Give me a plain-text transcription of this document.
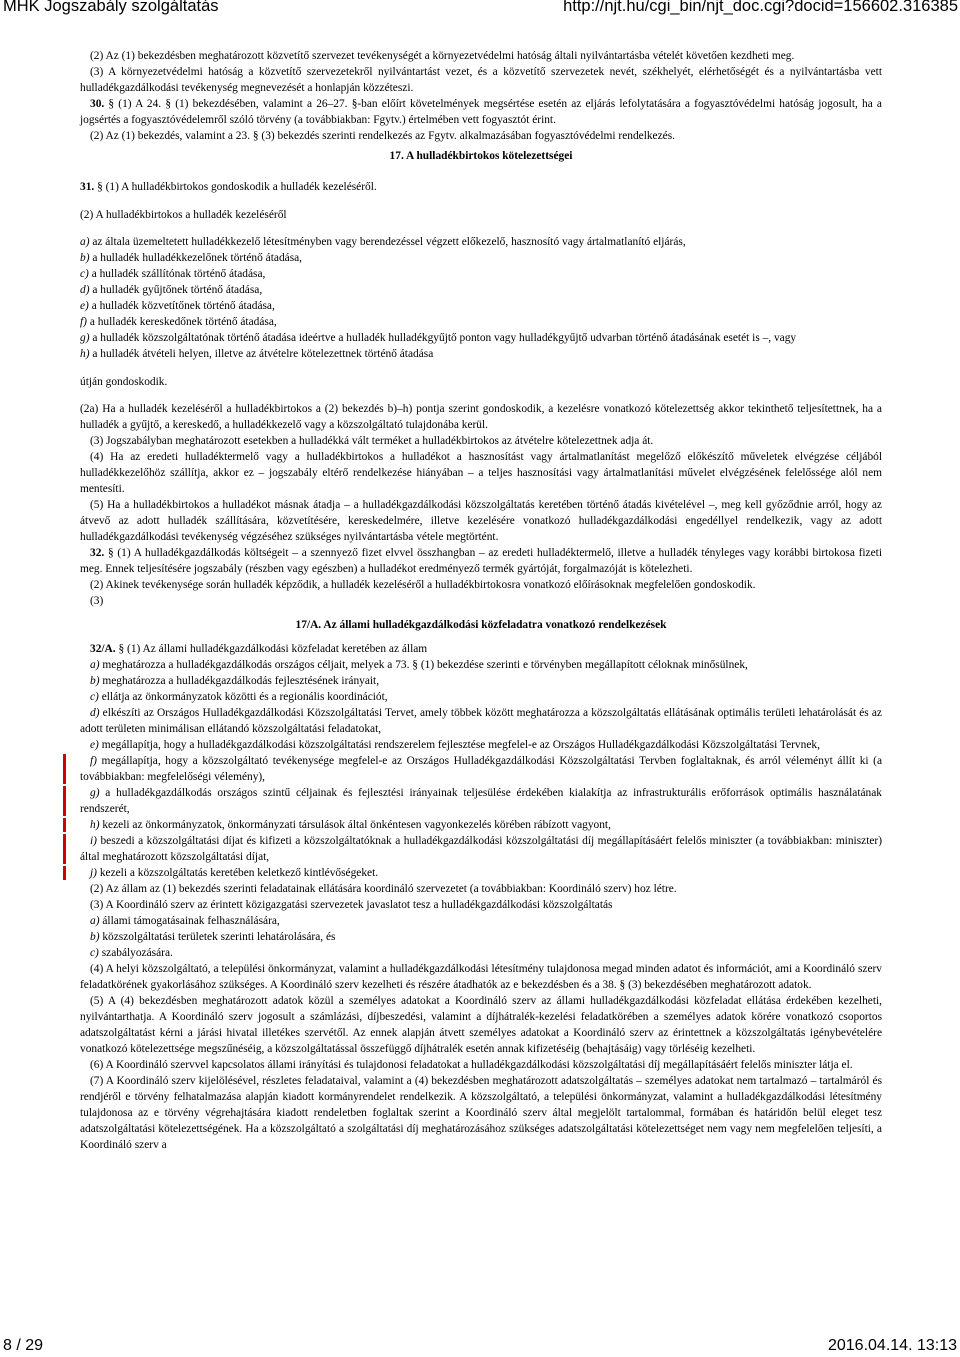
MHK Jogszabály szolgáltatás	http://njt.hu/cgi_bin/njt_doc.cgi?docid=156602.316385

(2) Az (1) bekezdésben meghatározott közvetítő szervezet tevékenységét a környezetvédelmi hatóság általi nyilvántartásba vételét követően kezdheti meg.

(3) A környezetvédelmi hatóság a közvetítő szervezetekről nyilvántartást vezet, és a közvetítő szervezetek nevét, székhelyét, elérhetőségét és a nyilvántartásba vett hulladékgazdálkodási tevékenység megnevezését a honlapján közzéteszi.

30. § (1) A 24. § (1) bekezdésében, valamint a 26–27. §-ban előírt követelmények megsértése esetén az eljárás lefolytatására a fogyasztóvédelmi hatóság jogosult, ha a jogsértés a fogyasztóvédelemről szóló törvény (a továbbiakban: Fgytv.) értelmében vett fogyasztót érint.

(2) Az (1) bekezdés, valamint a 23. § (3) bekezdés szerinti rendelkezés az Fgytv. alkalmazásában fogyasztóvédelmi rendelkezés.

17. A hulladékbirtokos kötelezettségei

31. § (1) A hulladékbirtokos gondoskodik a hulladék kezeléséről.

(2) A hulladékbirtokos a hulladék kezeléséről

a) az általa üzemeltetett hulladékkezelő létesítményben vagy berendezéssel végzett előkezelő, hasznosító vagy ártalmatlanító eljárás,

b) a hulladék hulladékkezelőnek történő átadása,

c) a hulladék szállítónak történő átadása,

d) a hulladék gyűjtőnek történő átadása,

e) a hulladék közvetítőnek történő átadása,

f) a hulladék kereskedőnek történő átadása,

g) a hulladék közszolgáltatónak történő átadása ideértve a hulladék hulladékgyűjtő ponton vagy hulladékgyűjtő udvarban történő átadásának esetét is –, vagy

h) a hulladék átvételi helyen, illetve az átvételre kötelezettnek történő átadása

útján gondoskodik.

(2a) Ha a hulladék kezeléséről a hulladékbirtokos a (2) bekezdés b)–h) pontja szerint gondoskodik, a kezelésre vonatkozó kötelezettség akkor tekinthető teljesítettnek, ha a hulladék a gyűjtő, a kereskedő, a hulladékkezelő vagy a közszolgáltató tulajdonába kerül.

(3) Jogszabályban meghatározott esetekben a hulladékká vált terméket a hulladékbirtokos az átvételre kötelezettnek adja át.

(4) Ha az eredeti hulladéktermelő vagy a hulladékbirtokos a hulladékot a hasznosítást vagy ártalmatlanítást megelőző előkészítő műveletek elvégzése céljából hulladékkezelőhöz szállítja, akkor ez – jogszabály eltérő rendelkezése hiányában – a teljes hasznosítási vagy ártalmatlanítási művelet elvégzésének felelőssége alól nem mentesíti.

(5) Ha a hulladékbirtokos a hulladékot másnak átadja – a hulladékgazdálkodási közszolgáltatás keretében történő átadás kivételével –, meg kell győződnie arról, hogy az átvevő az adott hulladék szállítására, közvetítésére, kereskedelmére, illetve kezelésére vonatkozó hulladékgazdálkodási engedéllyel rendelkezik, vagy az adott hulladékgazdálkodási tevékenység végzéséhez szükséges nyilvántartásba vétele megtörtént.

32. § (1) A hulladékgazdálkodás költségeit – a szennyező fizet elvvel összhangban – az eredeti hulladéktermelő, illetve a hulladék tényleges vagy korábbi birtokosa fizeti meg. Ennek teljesítésére jogszabály (részben vagy egészben) a hulladékot eredményező termék gyártóját, forgalmazóját is kötelezheti.

(2) Akinek tevékenysége során hulladék képződik, a hulladék kezeléséről a hulladékbirtokosra vonatkozó előírásoknak megfelelően gondoskodik.

(3)

17/A. Az állami hulladékgazdálkodási közfeladatra vonatkozó rendelkezések

32/A. § (1) Az állami hulladékgazdálkodási közfeladat keretében az állam

a) meghatározza a hulladékgazdálkodás országos céljait, melyek a 73. § (1) bekezdése szerinti e törvényben megállapított céloknak minősülnek,

b) meghatározza a hulladékgazdálkodás fejlesztésének irányait,

c) ellátja az önkormányzatok közötti és a regionális koordinációt,

d) elkészíti az Országos Hulladékgazdálkodási Közszolgáltatási Tervet, amely többek között meghatározza a közszolgáltatás ellátásának optimális területi lehatárolását és az adott területen minimálisan ellátandó közszolgáltatási feladatokat,

e) megállapítja, hogy a hulladékgazdálkodási közszolgáltatási rendszerelem fejlesztése megfelel-e az Országos Hulladékgazdálkodási Közszolgáltatási Tervnek,

f) megállapítja, hogy a közszolgáltató tevékenysége megfelel-e az Országos Hulladékgazdálkodási Közszolgáltatási Tervben foglaltaknak, és arról véleményt állít ki (a továbbiakban: megfelelőségi vélemény),

g) a hulladékgazdálkodás országos szintű céljainak és fejlesztési irányainak teljesülése érdekében kialakítja az infrastrukturális erőforrások optimális használatának rendszerét,

h) kezeli az önkormányzatok, önkormányzati társulások által önkéntesen vagyonkezelés körében rábízott vagyont,

i) beszedi a közszolgáltatási díjat és kifizeti a közszolgáltatóknak a hulladékgazdálkodási közszolgáltatási díj megállapításáért felelős miniszter (a továbbiakban: miniszter) által meghatározott közszolgáltatási díjat,

j) kezeli a közszolgáltatás keretében keletkező kintlévőségeket.

(2) Az állam az (1) bekezdés szerinti feladatainak ellátására koordináló szervezetet (a továbbiakban: Koordináló szerv) hoz létre.

(3) A Koordináló szerv az érintett közigazgatási szervezetek javaslatot tesz a hulladékgazdálkodási közszolgáltatás

a) állami támogatásainak felhasználására,

b) közszolgáltatási területek szerinti lehatárolására, és

c) szabályozására.

(4) A helyi közszolgáltató, a települési önkormányzat, valamint a hulladékgazdálkodási létesítmény tulajdonosa megad minden adatot és információt, ami a Koordináló szerv feladatkörének gyakorlásához szükséges. A Koordináló szerv kezelheti és részére átadhatók az e bekezdésben és a 38. § (3) bekezdésében meghatározott adatok.

(5) A (4) bekezdésben meghatározott adatok közül a személyes adatokat a Koordináló szerv az állami hulladékgazdálkodási közfeladat ellátása érdekében kezelheti, nyilvántarthatja. A Koordináló szerv jogosult a számlázási, díjbeszedési, valamint a díjhátralék-kezelési feladatkörében a személyes adatok körére vonatkozó csoportos adatszolgáltatást kérni a járási hivatal illetékes szervétől. Az ennek alapján átvett személyes adatokat a Koordináló szerv az érintettnek a közszolgáltatás igénybevételére vonatkozó kötelezettsége megszűnéséig, a közszolgáltatással összefüggő díjhátralék esetén annak kifizetéséig (behajtásáig) vagy törléséig kezelheti.

(6) A Koordináló szervvel kapcsolatos állami irányítási és tulajdonosi feladatokat a hulladékgazdálkodási közszolgáltatási díj megállapításáért felelős miniszter látja el.

(7) A Koordináló szerv kijelölésével, részletes feladataival, valamint a (4) bekezdésben meghatározott adatszolgáltatás – személyes adatokat nem tartalmazó – tartalmáról és rendjéről e törvény felhatalmazása alapján kiadott kormányrendelet rendelkezik. A közszolgáltató, a települési önkormányzat, valamint a hulladékgazdálkodási létesítmény tulajdonosa az e törvény végrehajtására kiadott rendeletben foglaltak szerint a Koordináló szerv által megjelölt tartalommal, formában és határidőn belül eleget tesz adatszolgáltatási kötelezettségének. Ha a közszolgáltató a szolgáltatási díj meghatározásához szükséges adatszolgáltatási kötelezettséget nem vagy nem megfelelően teljesíti, a Koordináló szerv a

8 / 29	2016.04.14. 13:13
